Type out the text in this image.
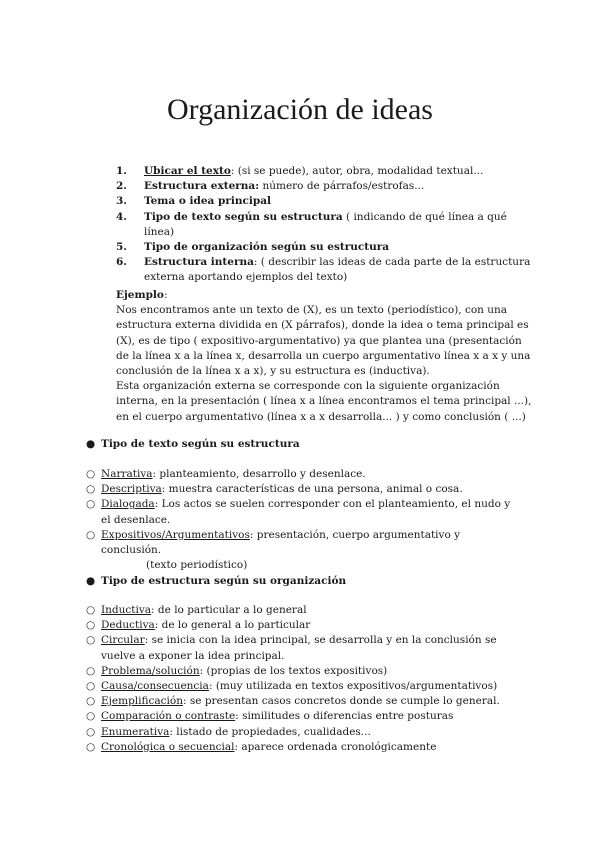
Organización de ideas
1. Ubicar el texto: (si se puede), autor, obra, modalidad textual...
2. Estructura externa: número de párrafos/estrofas...
3. Tema o idea principal
4. Tipo de texto según su estructura ( indicando de qué línea a qué línea)
5. Tipo de organización según su estructura
6. Estructura interna: ( describir las ideas de cada parte de la estructura externa aportando ejemplos del texto)
Ejemplo:

Nos encontramos ante un texto de (X), es un texto (periodístico), con una estructura externa dividida en (X párrafos), donde la idea o tema principal es (X), es de tipo ( expositivo-argumentativo) ya que plantea una (presentación de la línea x a la línea x, desarrolla un cuerpo argumentativo línea x a x y una conclusión de la línea x a x), y su estructura es (inductiva).

Esta organización externa se corresponde con la siguiente organización interna, en la presentación ( línea x a línea encontramos el tema principal ...), en el cuerpo argumentativo (línea x a x desarrolla... ) y como conclusión ( ...)

● Tipo de texto según su estructura
○ Narrativa: planteamiento, desarrollo y desenlace.
○ Descriptiva: muestra características de una persona, animal o cosa.
○ Dialogada: Los actos se suelen corresponder con el planteamiento, el nudo y el desenlace.
○ Expositivos/Argumentativos: presentación, cuerpo argumentativo y conclusión.
(texto periodístico)
● Tipo de estructura según su organización
○ Inductiva: de lo particular a lo general
○ Deductiva: de lo general a lo particular
○ Circular: se inicia con la idea principal, se desarrolla y en la conclusión se vuelve a exponer la idea principal.
○ Problema/solución: (propias de los textos expositivos)
○ Causa/consecuencia: (muy utilizada en textos expositivos/argumentativos)
○ Ejemplificación: se presentan casos concretos donde se cumple lo general.
○ Comparación o contraste: similitudes o diferencias entre posturas
○ Enumerativa: listado de propiedades, cualidades...
○ Cronológica o secuencial: aparece ordenada cronológicamente
